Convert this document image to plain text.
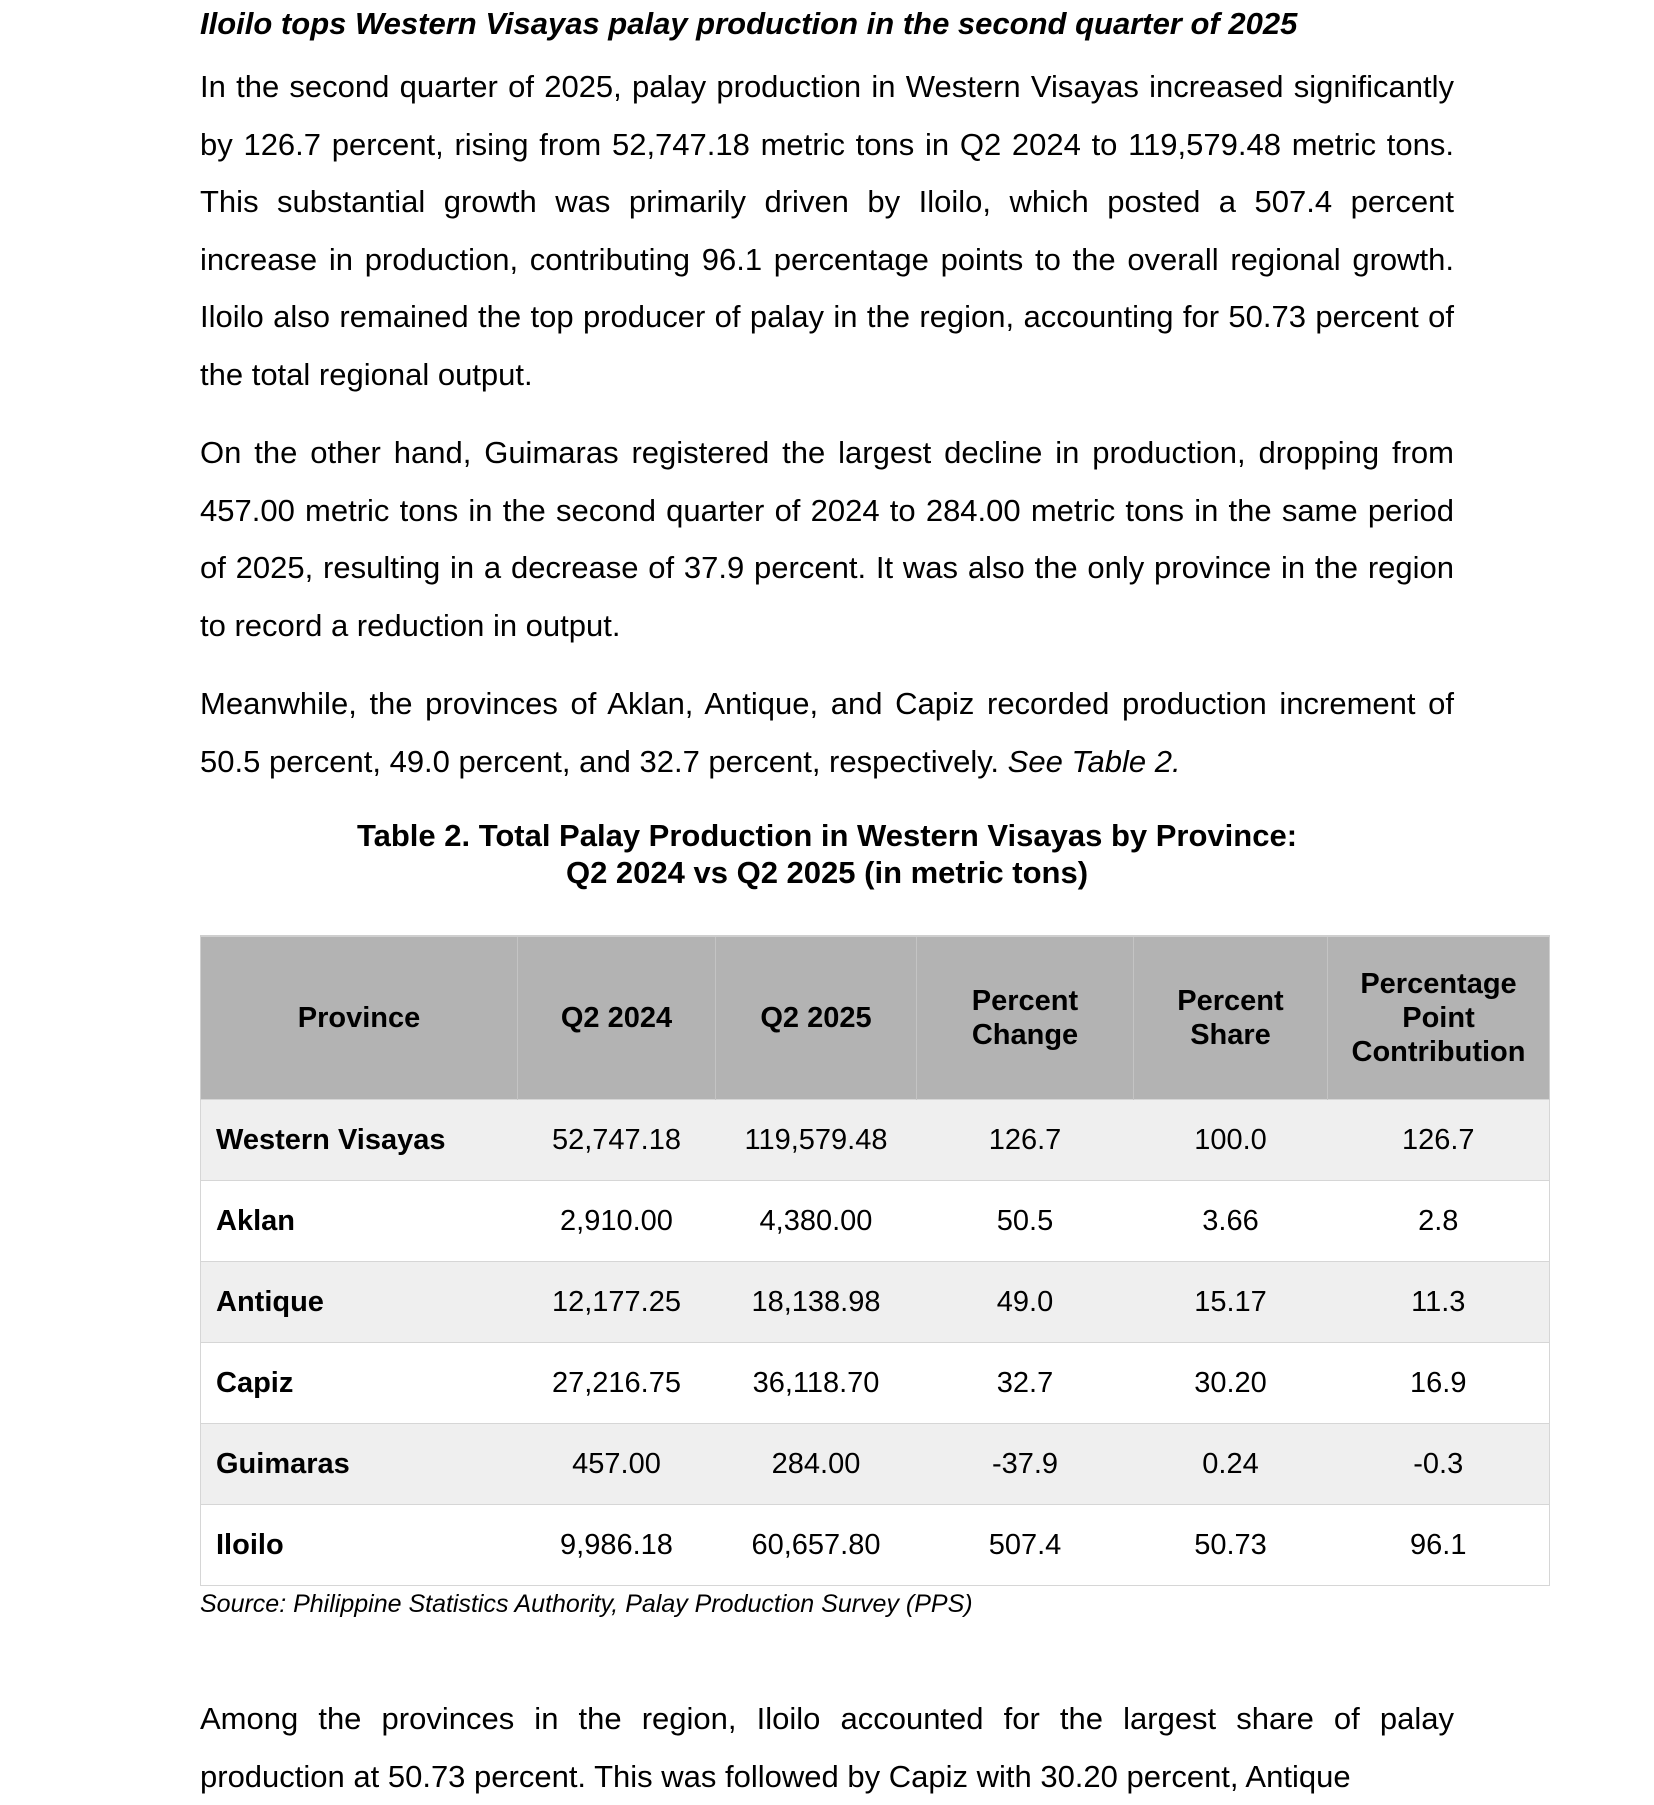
Iloilo tops Western Visayas palay production in the second quarter of 2025

In the second quarter of 2025, palay production in Western Visayas increased significantly by 126.7 percent, rising from 52,747.18 metric tons in Q2 2024 to 119,579.48 metric tons. This substantial growth was primarily driven by Iloilo, which posted a 507.4 percent increase in production, contributing 96.1 percentage points to the overall regional growth. Iloilo also remained the top producer of palay in the region, accounting for 50.73 percent of the total regional output.

On the other hand, Guimaras registered the largest decline in production, dropping from 457.00 metric tons in the second quarter of 2024 to 284.00 metric tons in the same period of 2025, resulting in a decrease of 37.9 percent. It was also the only province in the region to record a reduction in output.

Meanwhile, the provinces of Aklan, Antique, and Capiz recorded production increment of 50.5 percent, 49.0 percent, and 32.7 percent, respectively. See Table 2.

Table 2. Total Palay Production in Western Visayas by Province:
Q2 2024 vs Q2 2025 (in metric tons)
Province	Q2 2024	Q2 2025	Percent Change	Percent Share	Percentage Point Contribution
Western Visayas	52,747.18	119,579.48	126.7	100.0	126.7
Aklan	2,910.00	4,380.00	50.5	3.66	2.8
Antique	12,177.25	18,138.98	49.0	15.17	11.3
Capiz	27,216.75	36,118.70	32.7	30.20	16.9
Guimaras	457.00	284.00	-37.9	0.24	-0.3
Iloilo	9,986.18	60,657.80	507.4	50.73	96.1

Source: Philippine Statistics Authority, Palay Production Survey (PPS)

Among the provinces in the region, Iloilo accounted for the largest share of palay production at 50.73 percent. This was followed by Capiz with 30.20 percent, Antique
